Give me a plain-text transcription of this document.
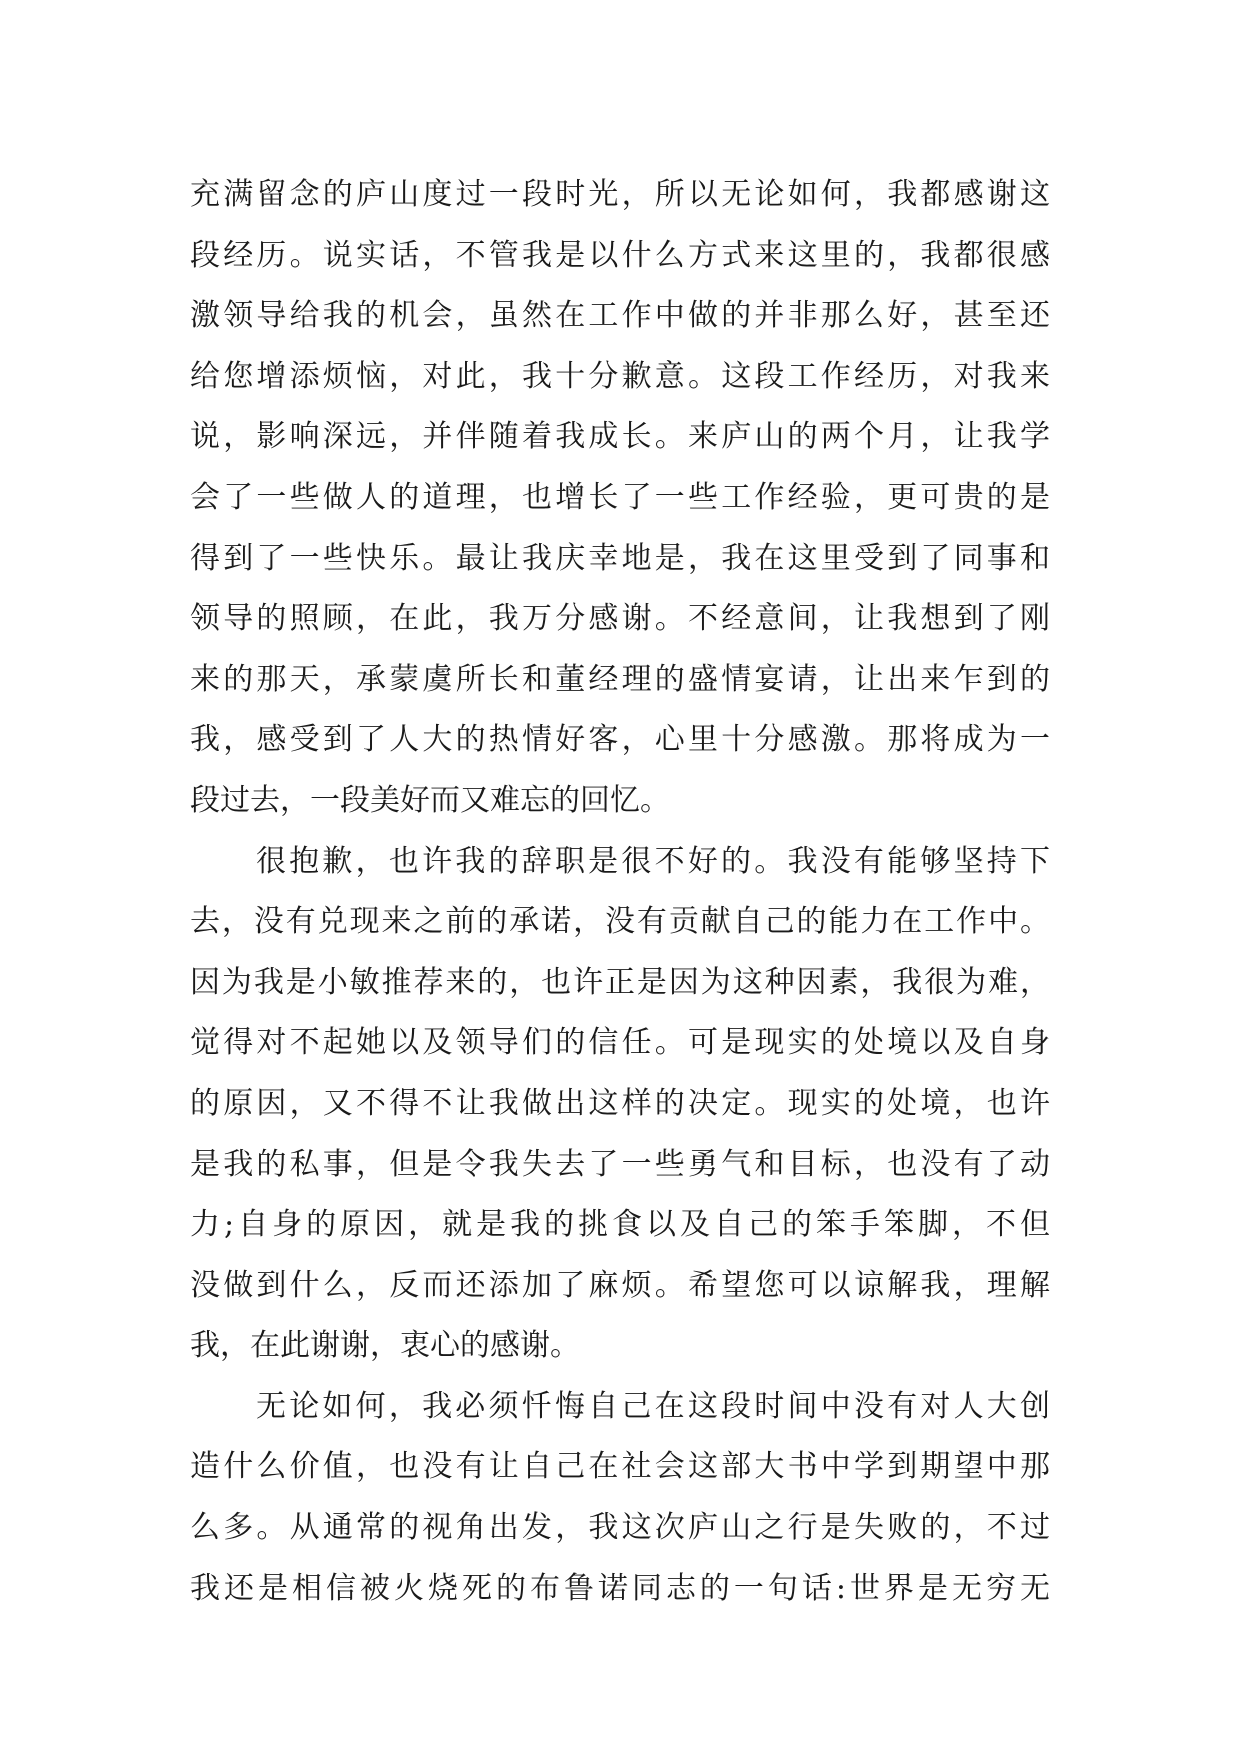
充满留念的庐山度过一段时光，所以无论如何，我都感谢这
段经历。说实话，不管我是以什么方式来这里的，我都很感
激领导给我的机会，虽然在工作中做的并非那么好，甚至还
给您增添烦恼，对此，我十分歉意。这段工作经历，对我来
说，影响深远，并伴随着我成长。来庐山的两个月，让我学
会了一些做人的道理，也增长了一些工作经验，更可贵的是
得到了一些快乐。最让我庆幸地是，我在这里受到了同事和
领导的照顾，在此，我万分感谢。不经意间，让我想到了刚
来的那天，承蒙虞所长和董经理的盛情宴请，让出来乍到的
我，感受到了人大的热情好客，心里十分感激。那将成为一
段过去，一段美好而又难忘的回忆。
很抱歉，也许我的辞职是很不好的。我没有能够坚持下
去，没有兑现来之前的承诺，没有贡献自己的能力在工作中。
因为我是小敏推荐来的，也许正是因为这种因素，我很为难，
觉得对不起她以及领导们的信任。可是现实的处境以及自身
的原因，又不得不让我做出这样的决定。现实的处境，也许
是我的私事，但是令我失去了一些勇气和目标，也没有了动
力;自身的原因，就是我的挑食以及自己的笨手笨脚，不但
没做到什么，反而还添加了麻烦。希望您可以谅解我，理解
我，在此谢谢，衷心的感谢。
无论如何，我必须忏悔自己在这段时间中没有对人大创
造什么价值，也没有让自己在社会这部大书中学到期望中那
么多。从通常的视角出发，我这次庐山之行是失败的，不过
我还是相信被火烧死的布鲁诺同志的一句话:世界是无穷无
